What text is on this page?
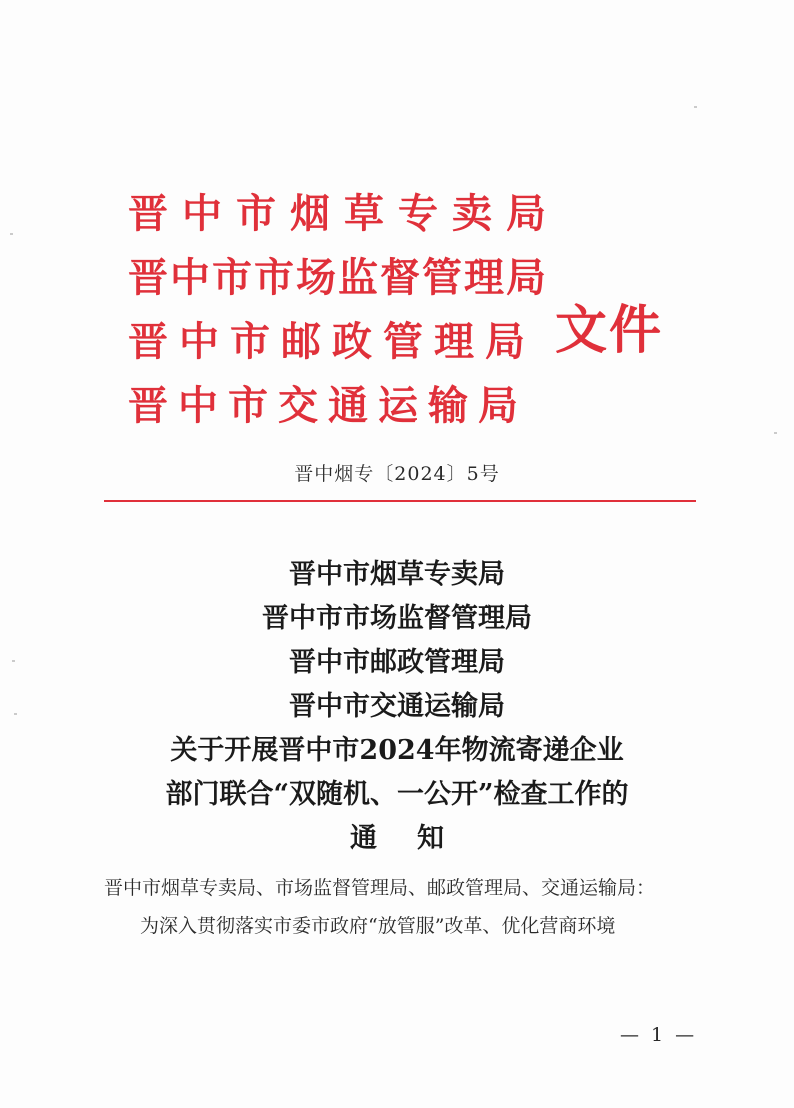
晋中市烟草专卖局
晋中市市场监督管理局
晋中市邮政管理局
晋中市交通运输局
文件
晋中烟专〔2024〕5号
晋中市烟草专卖局
晋中市市场监督管理局
晋中市邮政管理局
晋中市交通运输局
关于开展晋中市2024年物流寄递企业
部门联合“双随机、一公开”检查工作的
通知
晋中市烟草专卖局、市场监督管理局、邮政管理局、交通运输局：
为深入贯彻落实市委市政府“放管服”改革、优化营商环境
— 1 —
